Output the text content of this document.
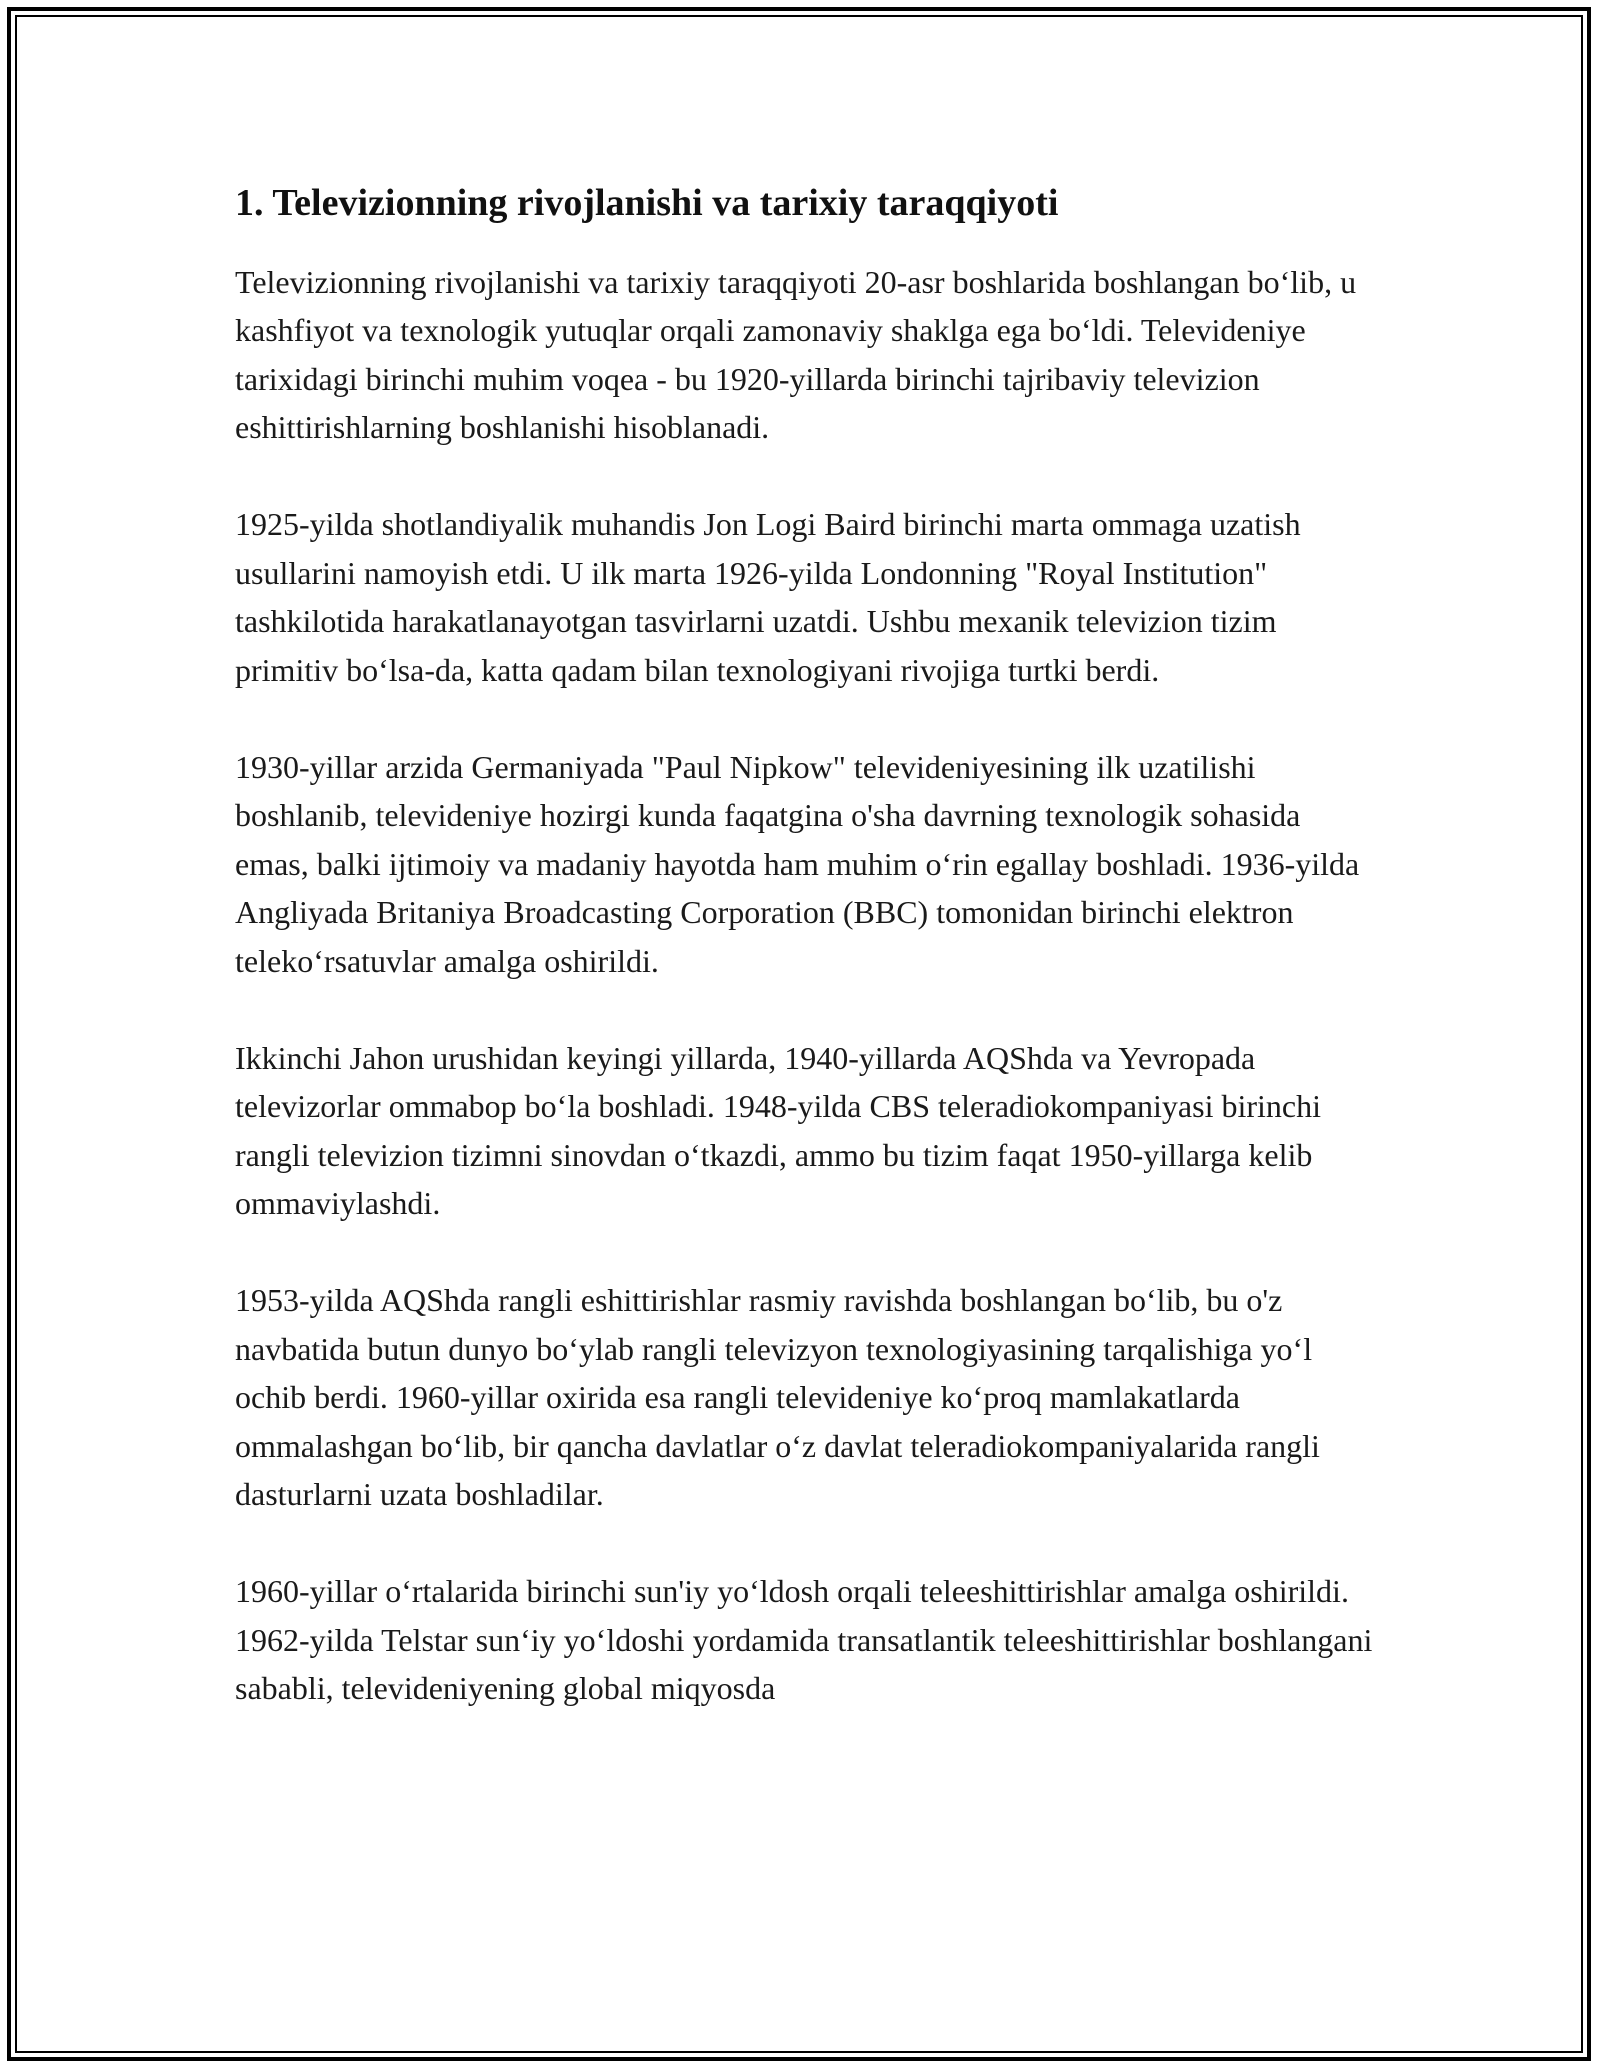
1. Televizionning rivojlanishi va tarixiy taraqqiyoti

Televizionning rivojlanishi va tarixiy taraqqiyoti 20-asr boshlarida boshlangan bo‘lib, u kashfiyot va texnologik yutuqlar orqali zamonaviy shaklga ega bo‘ldi. Televideniye tarixidagi birinchi muhim voqea - bu 1920-yillarda birinchi tajribaviy televizion eshittirishlarning boshlanishi hisoblanadi.

1925-yilda shotlandiyalik muhandis Jon Logi Baird birinchi marta ommaga uzatish usullarini namoyish etdi. U ilk marta 1926-yilda Londonning "Royal Institution" tashkilotida harakatlanayotgan tasvirlarni uzatdi. Ushbu mexanik televizion tizim primitiv bo‘lsa-da, katta qadam bilan texnologiyani rivojiga turtki berdi.

1930-yillar arzida Germaniyada "Paul Nipkow" televideniyesining ilk uzatilishi boshlanib, televideniye hozirgi kunda faqatgina o'sha davrning texnologik sohasida emas, balki ijtimoiy va madaniy hayotda ham muhim o‘rin egallay boshladi. 1936-yilda Angliyada Britaniya Broadcasting Corporation (BBC) tomonidan birinchi elektron teleko‘rsatuvlar amalga oshirildi.

Ikkinchi Jahon urushidan keyingi yillarda, 1940-yillarda AQShda va Yevropada televizorlar ommabop bo‘la boshladi. 1948-yilda CBS teleradiokompaniyasi birinchi rangli televizion tizimni sinovdan o‘tkazdi, ammo bu tizim faqat 1950-yillarga kelib ommaviylashdi.

1953-yilda AQShda rangli eshittirishlar rasmiy ravishda boshlangan bo‘lib, bu o'z navbatida butun dunyo bo‘ylab rangli televizyon texnologiyasining tarqalishiga yo‘l ochib berdi. 1960-yillar oxirida esa rangli televideniye ko‘proq mamlakatlarda ommalashgan bo‘lib, bir qancha davlatlar o‘z davlat teleradiokompaniyalarida rangli dasturlarni uzata boshladilar.

1960-yillar o‘rtalarida birinchi sun'iy yo‘ldosh orqali teleeshittirishlar amalga oshirildi. 1962-yilda Telstar sun‘iy yo‘ldoshi yordamida transatlantik teleeshittirishlar boshlangani sababli, televideniyening global miqyosda
